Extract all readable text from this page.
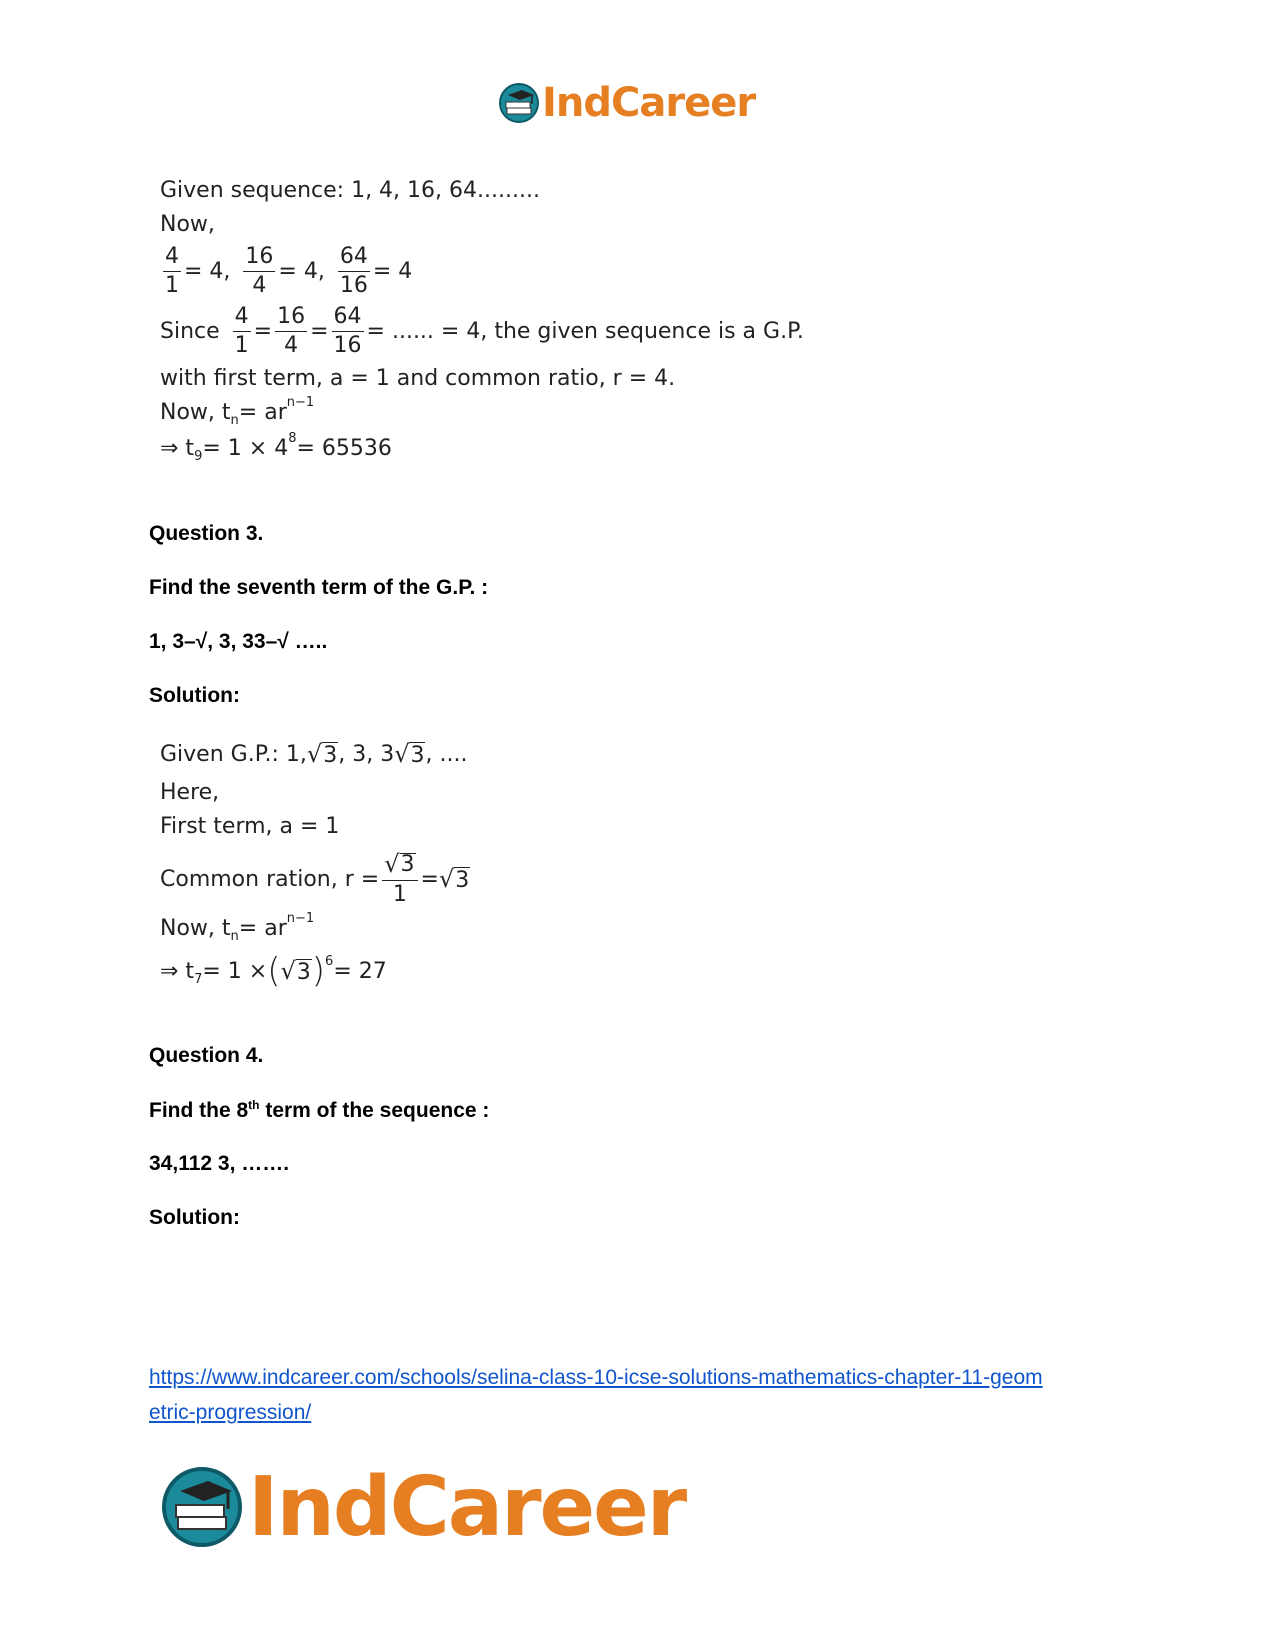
IndCareer
Given sequence: 1, 4, 16, 64.........
Now,
$\frac{4}{1} = 4$, $\frac{16}{4} = 4$, $\frac{64}{16} = 4$
Since $\frac{4}{1} = \frac{16}{4} = \frac{64}{16}$ = ...... = 4, the given sequence is a G.P.
with first term, a = 1 and common ratio, r = 4.
Now, t n = ar n−1
⇒ t 9 = 1 × 4 8 = 65536
Question 3.
Find the seventh term of the G.P. :
1, 3–√, 3, 33–√ …..
Solution:
Given G.P.: 1, √ 3 , 3, 3 √ 3 , ....
Here,
First term, a = 1
Common ration, $r = \frac{√ 3}{1}$ = √ 3
Now, t n = ar n−1
⇒ t 7 = 1 × ( √ 3 ) 6 = 27
Question 4.
Find the 8th term of the sequence :
34,112 3, …….
Solution:
https://www.indcareer.com/schools/selina-class-10-icse-solutions-mathematics-chapter-11-geom
etric-progression/
IndCareer
